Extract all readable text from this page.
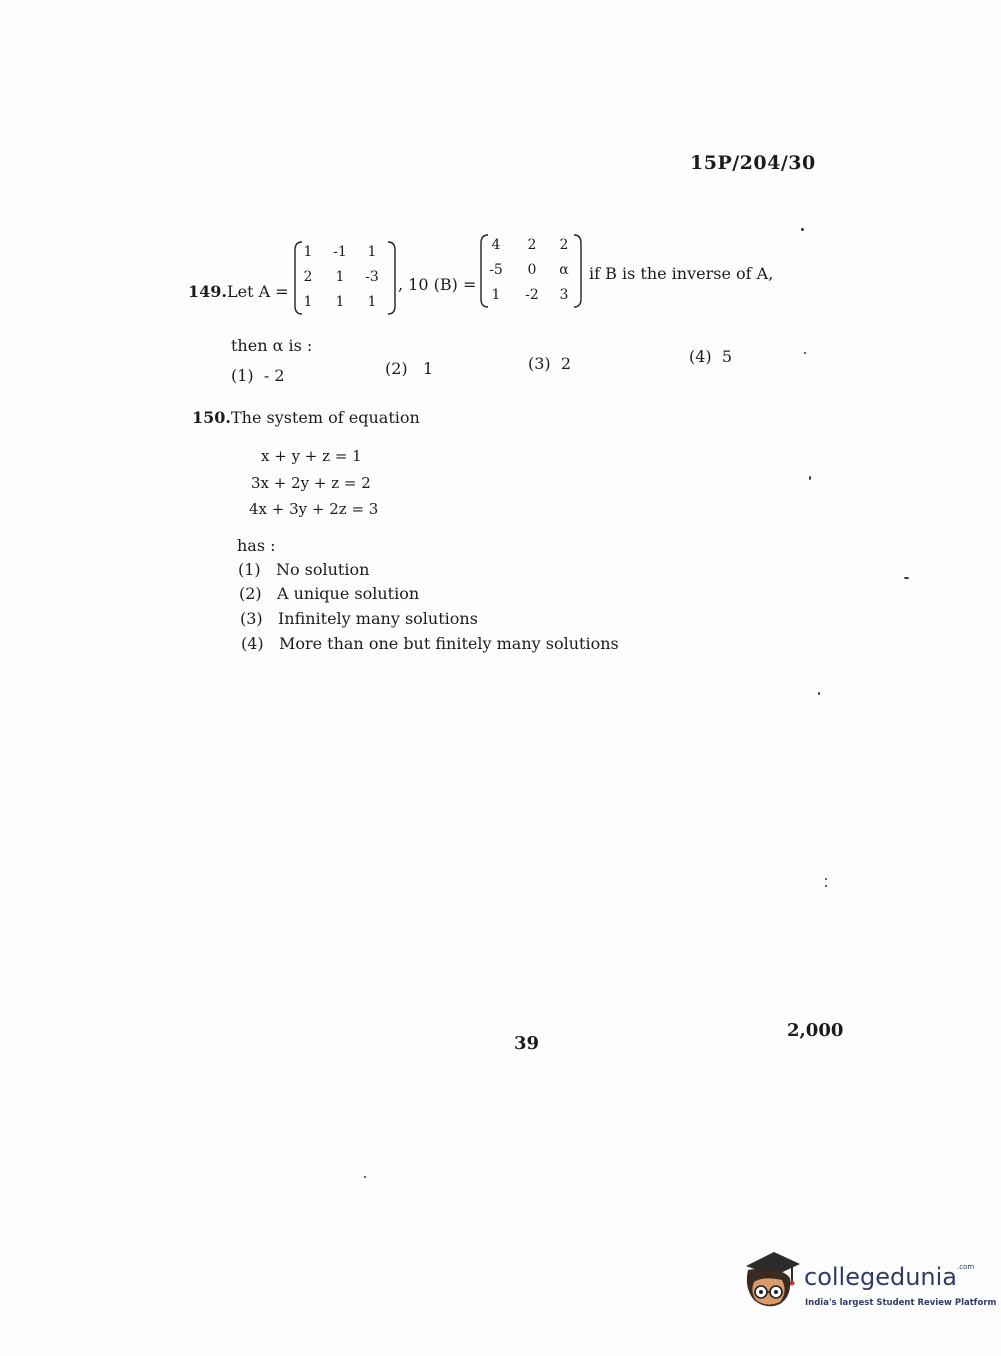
15P/204/30
149.Let A =
1	-1	1
2	1	-3
1	1	1
, 10 (B) =
4	2	2
-5	0	α
1	-2	3
if B is the inverse of A,
then α is :
(1) - 2	(2) 1	(3) 2	(4) 5
150.The system of equation
x + y + z = 1
3x + 2y + z = 2
4x + 3y + 2z = 3
has :
(1) No solution
(2) A unique solution
(3) Infinitely many solutions
(4) More than one but finitely many solutions
39
2,000
collegedunia$^{.com}$
India's largest Student Review Platform
